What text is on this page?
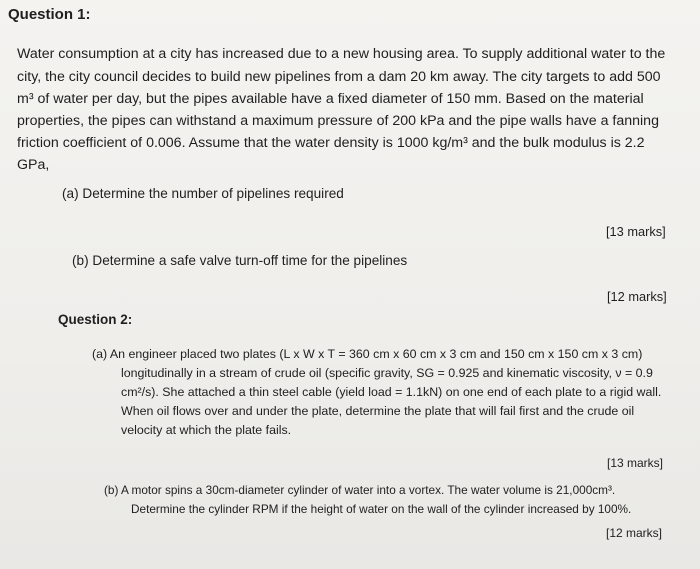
Question 1:
Water consumption at a city has increased due to a new housing area. To supply additional water to the
city, the city council decides to build new pipelines from a dam 20 km away. The city targets to add 500
m³ of water per day, but the pipes available have a fixed diameter of 150 mm. Based on the material
properties, the pipes can withstand a maximum pressure of 200 kPa and the pipe walls have a fanning
friction coefficient of 0.006. Assume that the water density is 1000 kg/m³ and the bulk modulus is 2.2
GPa,
(a) Determine the number of pipelines required
[13 marks]
(b) Determine a safe valve turn-off time for the pipelines
[12 marks]
Question 2:
(a) An engineer placed two plates (L x W x T = 360 cm x 60 cm x 3 cm and 150 cm x 150 cm x 3 cm)
longitudinally in a stream of crude oil (specific gravity, SG = 0.925 and kinematic viscosity, ν = 0.9
cm²/s). She attached a thin steel cable (yield load = 1.1kN) on one end of each plate to a rigid wall.
When oil flows over and under the plate, determine the plate that will fail first and the crude oil
velocity at which the plate fails.
[13 marks]
(b) A motor spins a 30cm-diameter cylinder of water into a vortex. The water volume is 21,000cm³.
Determine the cylinder RPM if the height of water on the wall of the cylinder increased by 100%.
[12 marks]
